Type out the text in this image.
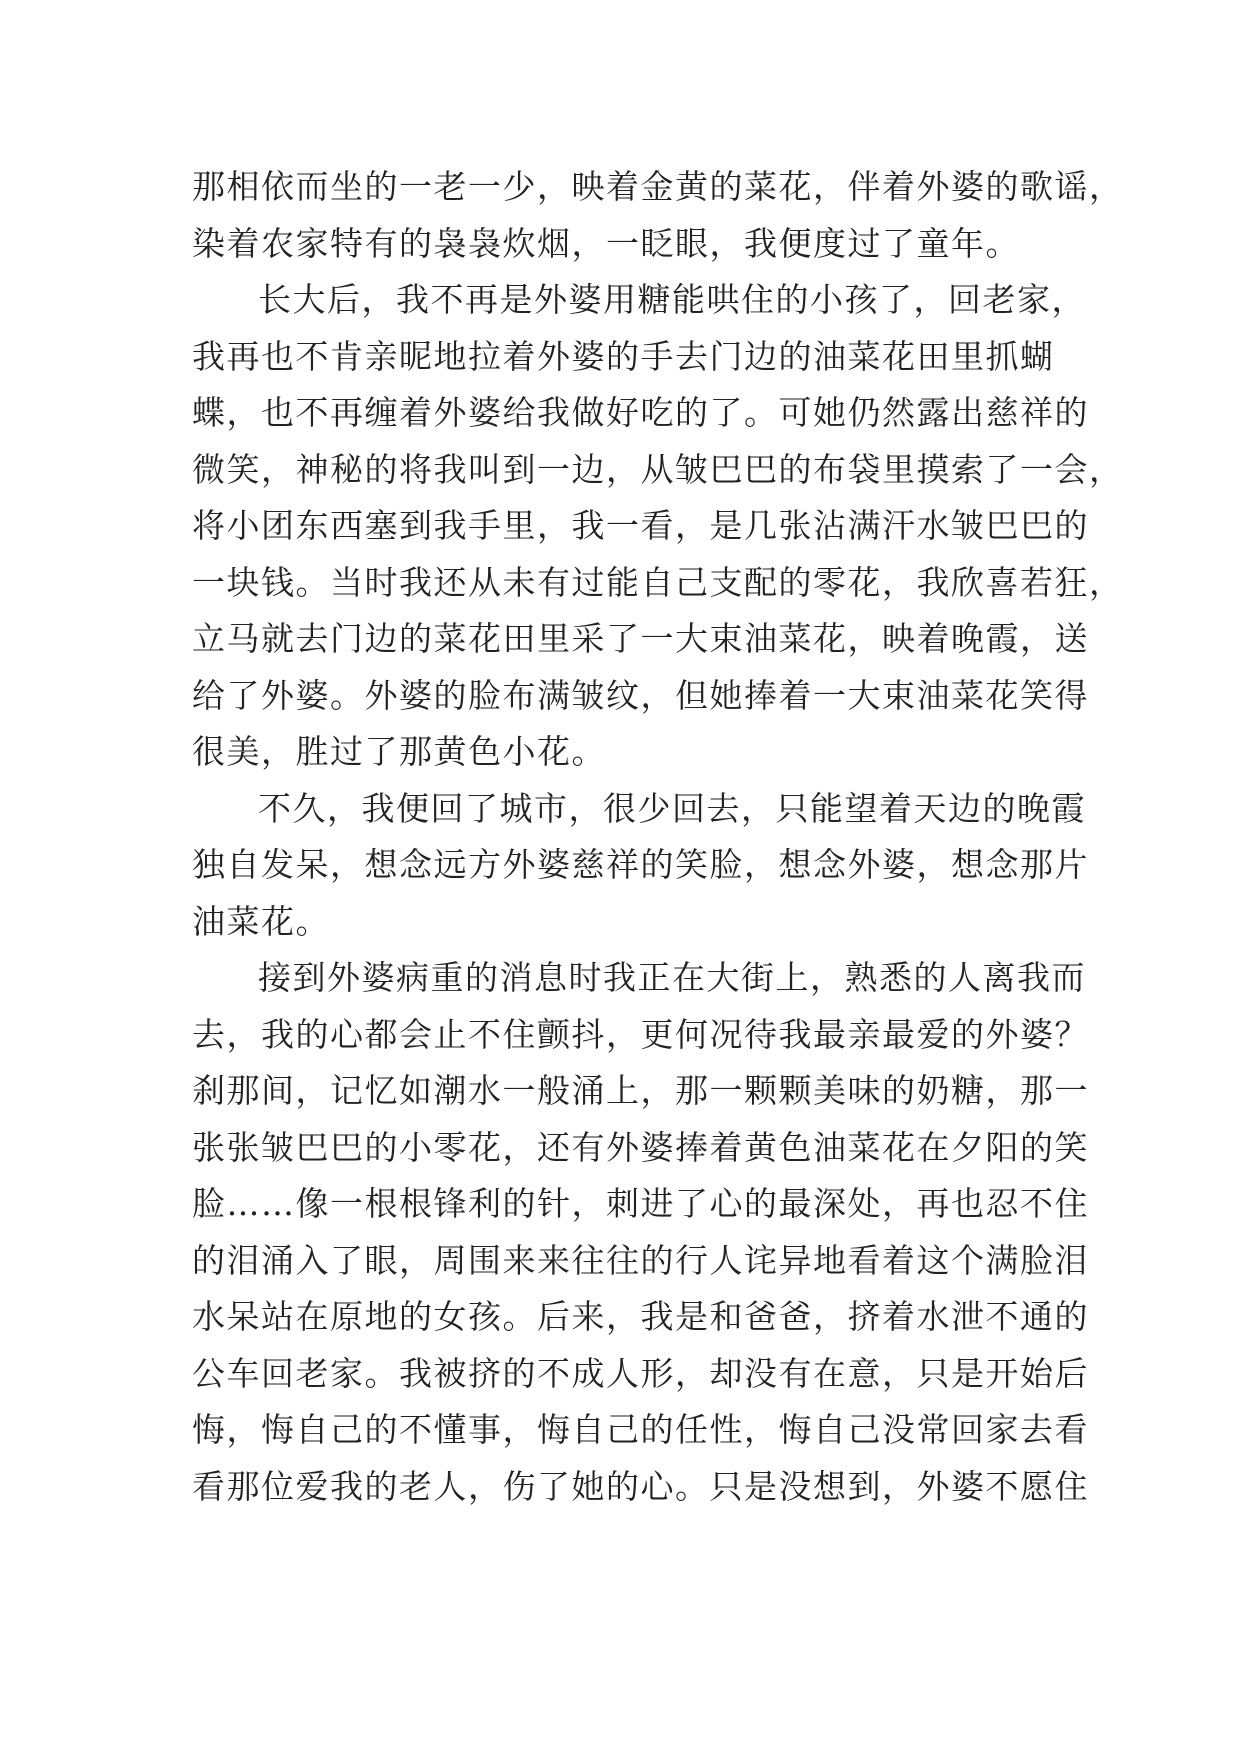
那相依而坐的一老一少，映着金黄的菜花，伴着外婆的歌谣，
染着农家特有的袅袅炊烟，一眨眼，我便度过了童年。
长大后，我不再是外婆用糖能哄住的小孩了，回老家，
我再也不肯亲昵地拉着外婆的手去门边的油菜花田里抓蝴
蝶，也不再缠着外婆给我做好吃的了。可她仍然露出慈祥的
微笑，神秘的将我叫到一边，从皱巴巴的布袋里摸索了一会，
将小团东西塞到我手里，我一看，是几张沾满汗水皱巴巴的
一块钱。当时我还从未有过能自己支配的零花，我欣喜若狂，
立马就去门边的菜花田里采了一大束油菜花，映着晚霞，送
给了外婆。外婆的脸布满皱纹，但她捧着一大束油菜花笑得
很美，胜过了那黄色小花。
不久，我便回了城市，很少回去，只能望着天边的晚霞
独自发呆，想念远方外婆慈祥的笑脸，想念外婆，想念那片
油菜花。
接到外婆病重的消息时我正在大街上，熟悉的人离我而
去，我的心都会止不住颤抖，更何况待我最亲最爱的外婆？
刹那间，记忆如潮水一般涌上，那一颗颗美味的奶糖，那一
张张皱巴巴的小零花，还有外婆捧着黄色油菜花在夕阳的笑
脸……像一根根锋利的针，刺进了心的最深处，再也忍不住
的泪涌入了眼，周围来来往往的行人诧异地看着这个满脸泪
水呆站在原地的女孩。后来，我是和爸爸，挤着水泄不通的
公车回老家。我被挤的不成人形，却没有在意，只是开始后
悔，悔自己的不懂事，悔自己的任性，悔自己没常回家去看
看那位爱我的老人，伤了她的心。只是没想到，外婆不愿住
